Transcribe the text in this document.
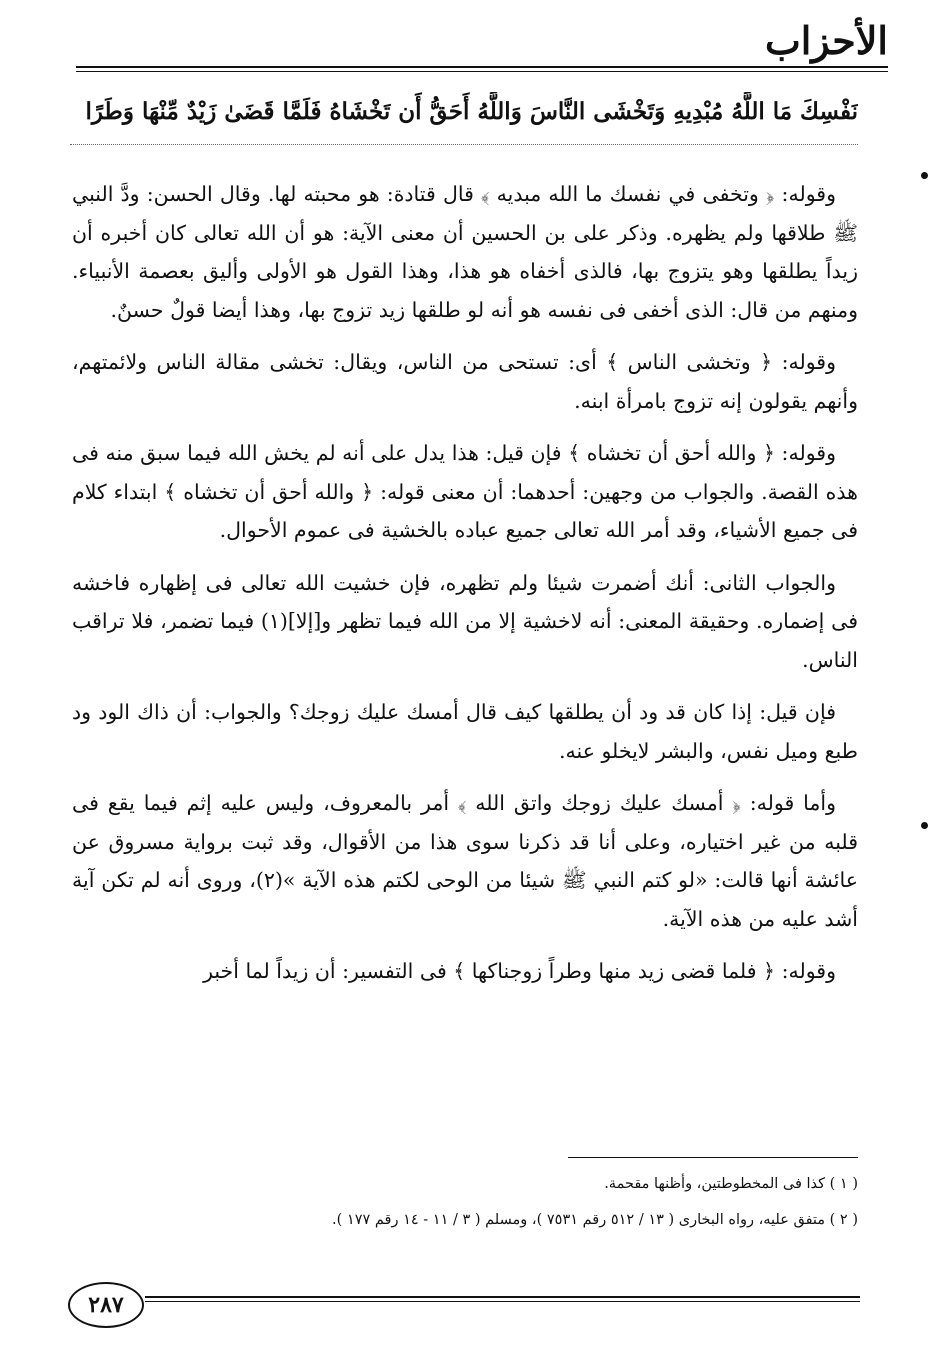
الأحزاب
نَفْسِكَ مَا اللَّهُ مُبْدِيهِ وَتَخْشَى النَّاسَ وَاللَّهُ أَحَقُّ أَن تَخْشَاهُ فَلَمَّا قَضَىٰ زَيْدٌ مِّنْهَا وَطَرًا

وقوله: ﴿ وتخفى في نفسك ما الله مبديه ﴾ قال قتادة: هو محبته لها. وقال الحسن: ودَّ النبي ﷺ طلاقها ولم يظهره. وذكر على بن الحسين أن معنى الآية: هو أن الله تعالى كان أخبره أن زيداً يطلقها وهو يتزوج بها، فالذى أخفاه هو هذا، وهذا القول هو الأولى وأليق بعصمة الأنبياء. ومنهم من قال: الذى أخفى فى نفسه هو أنه لو طلقها زيد تزوج بها، وهذا أيضا قولٌ حسنٌ.

وقوله: ﴿ وتخشى الناس ﴾ أى: تستحى من الناس، ويقال: تخشى مقالة الناس ولائمتهم، وأنهم يقولون إنه تزوج بامرأة ابنه.

وقوله: ﴿ والله أحق أن تخشاه ﴾ فإن قيل: هذا يدل على أنه لم يخش الله فيما سبق منه فى هذه القصة. والجواب من وجهين: أحدهما: أن معنى قوله: ﴿ والله أحق أن تخشاه ﴾ ابتداء كلام فى جميع الأشياء، وقد أمر الله تعالى جميع عباده بالخشية فى عموم الأحوال.

والجواب الثانى: أنك أضمرت شيئا ولم تظهره، فإن خشيت الله تعالى فى إظهاره فاخشه فى إضماره. وحقيقة المعنى: أنه لاخشية إلا من الله فيما تظهر و[إلا](١) فيما تضمر، فلا تراقب الناس.

فإن قيل: إذا كان قد ود أن يطلقها كيف قال أمسك عليك زوجك؟ والجواب: أن ذاك الود ود طبع وميل نفس، والبشر لايخلو عنه.

وأما قوله: ﴿ أمسك عليك زوجك واتق الله ﴾ أمر بالمعروف، وليس عليه إثم فيما يقع فى قلبه من غير اختياره، وعلى أنا قد ذكرنا سوى هذا من الأقوال، وقد ثبت برواية مسروق عن عائشة أنها قالت: «لو كتم النبي ﷺ شيئا من الوحى لكتم هذه الآية »(٢)، وروى أنه لم تكن آية أشد عليه من هذه الآية.

وقوله: ﴿ فلما قضى زيد منها وطراً زوجناكها ﴾ فى التفسير: أن زيداً لما أخبر

( ١ ) كذا فى المخطوطتين، وأظنها مقحمة.
( ٢ ) متفق عليه، رواه البخارى ( ١٣ / ٥١٢ رقم ٧٥٣١ )، ومسلم ( ٣ / ١١ - ١٤ رقم ١٧٧ ).
٢٨٧
